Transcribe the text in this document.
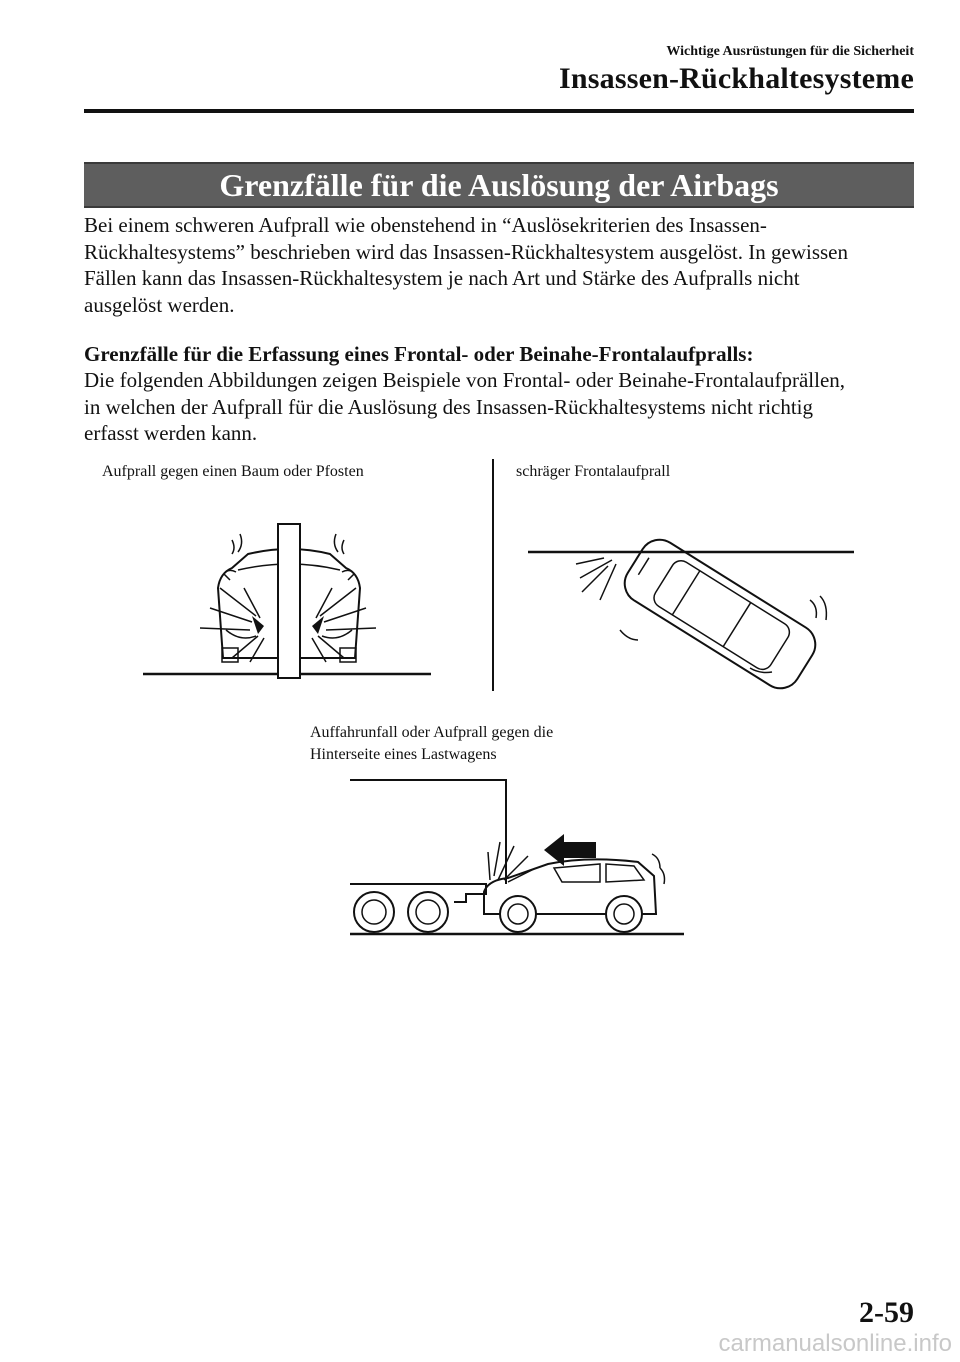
Wichtige Ausrüstungen für die Sicherheit
Insassen-Rückhaltesysteme
Grenzfälle für die Auslösung der Airbags
Bei einem schweren Aufprall wie obenstehend in “Auslösekriterien des Insassen-
Rückhaltesystems” beschrieben wird das Insassen-Rückhaltesystem ausgelöst. In gewissen
Fällen kann das Insassen-Rückhaltesystem je nach Art und Stärke des Aufpralls nicht
ausgelöst werden.
Grenzfälle für die Erfassung eines Frontal- oder Beinahe-Frontalaufpralls:
Die folgenden Abbildungen zeigen Beispiele von Frontal- oder Beinahe-Frontalaufprällen,
in welchen der Aufprall für die Auslösung des Insassen-Rückhaltesystems nicht richtig
erfasst werden kann.
Aufprall gegen einen Baum oder Pfosten	schräger Frontalaufprall
Auffahrunfall oder Aufprall gegen die
Hinterseite eines Lastwagens
2-59
carmanualsonline.info
